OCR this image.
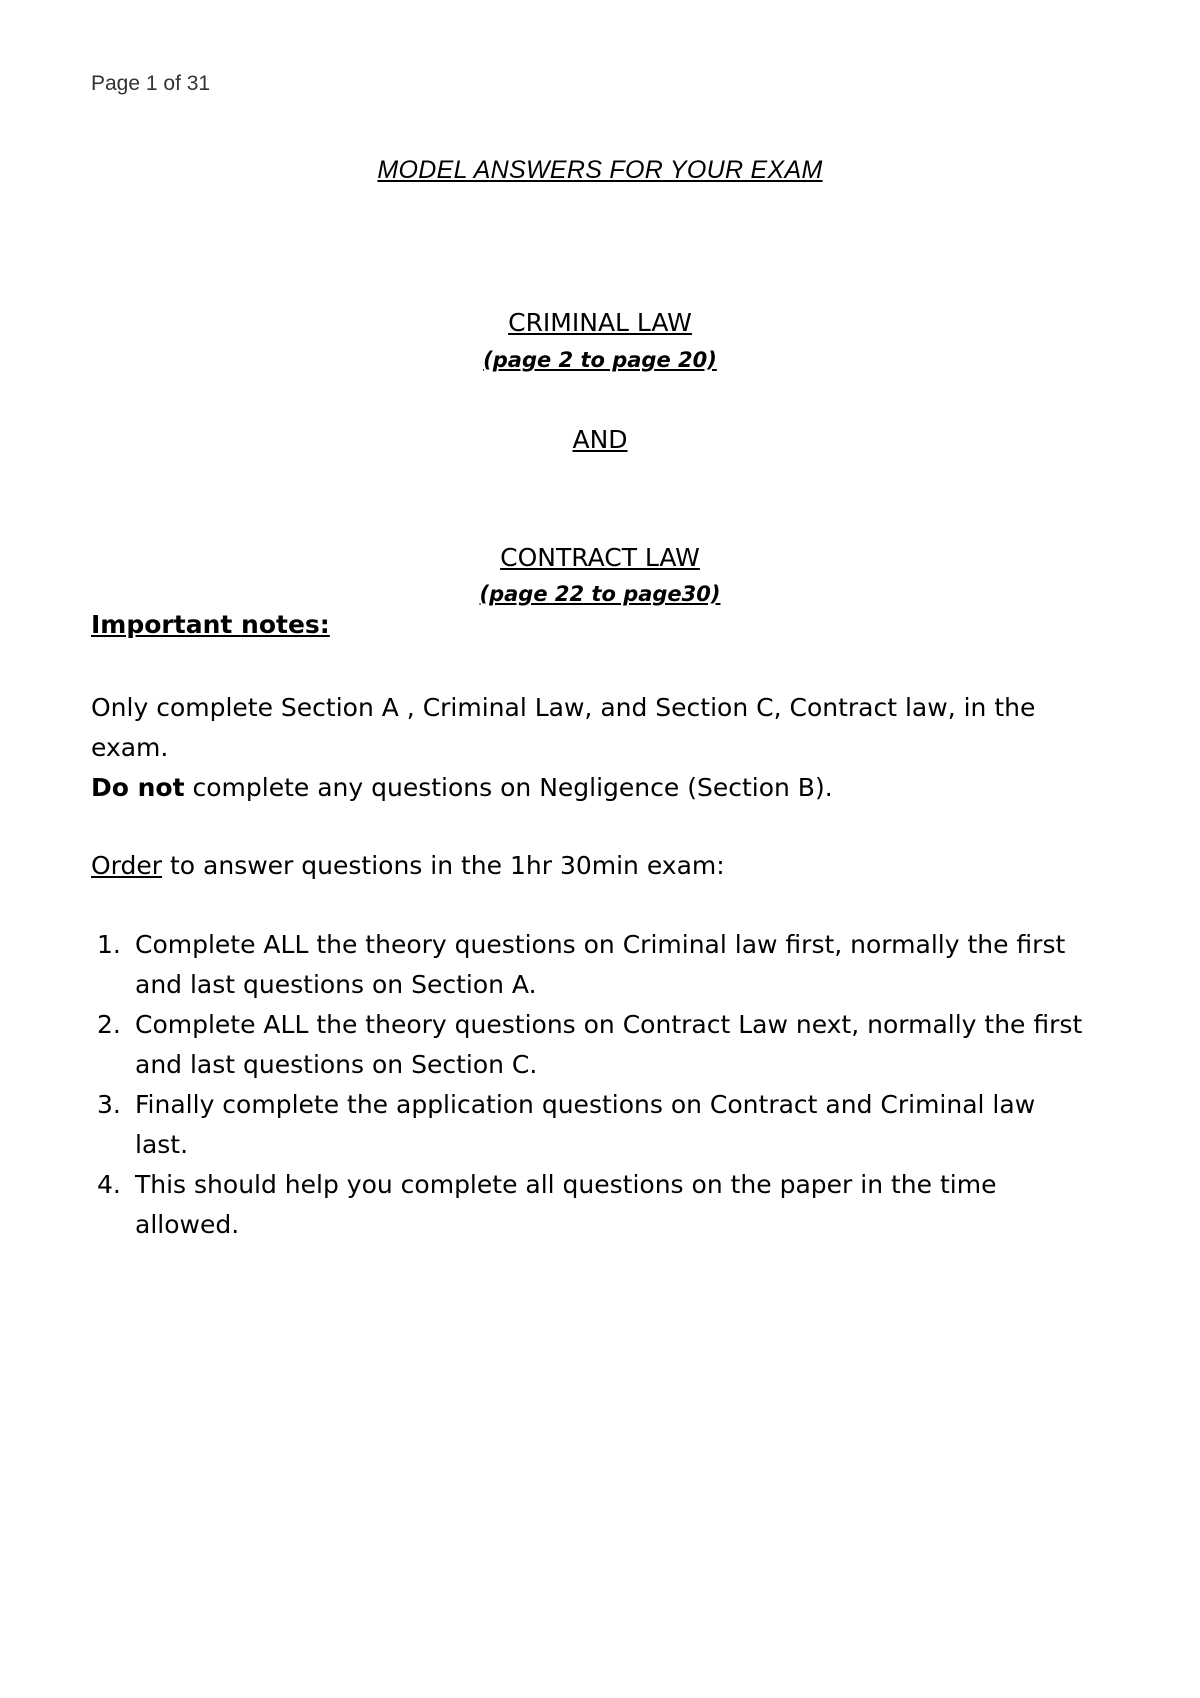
Page 1 of 31
MODEL ANSWERS FOR YOUR EXAM
CRIMINAL LAW
(page 2 to page 20)
AND
CONTRACT LAW
(page 22 to page30)
Important notes:
Only complete Section A , Criminal Law, and Section C, Contract law, in the exam.
Do not complete any questions on Negligence (Section B).
Order to answer questions in the 1hr 30min exam:
1. Complete ALL the theory questions on Criminal law first, normally the first and last questions on Section A.
2. Complete ALL the theory questions on Contract Law next, normally the first and last questions on Section C.
3. Finally complete the application questions on Contract and Criminal law last.
4. This should help you complete all questions on the paper in the time allowed.
